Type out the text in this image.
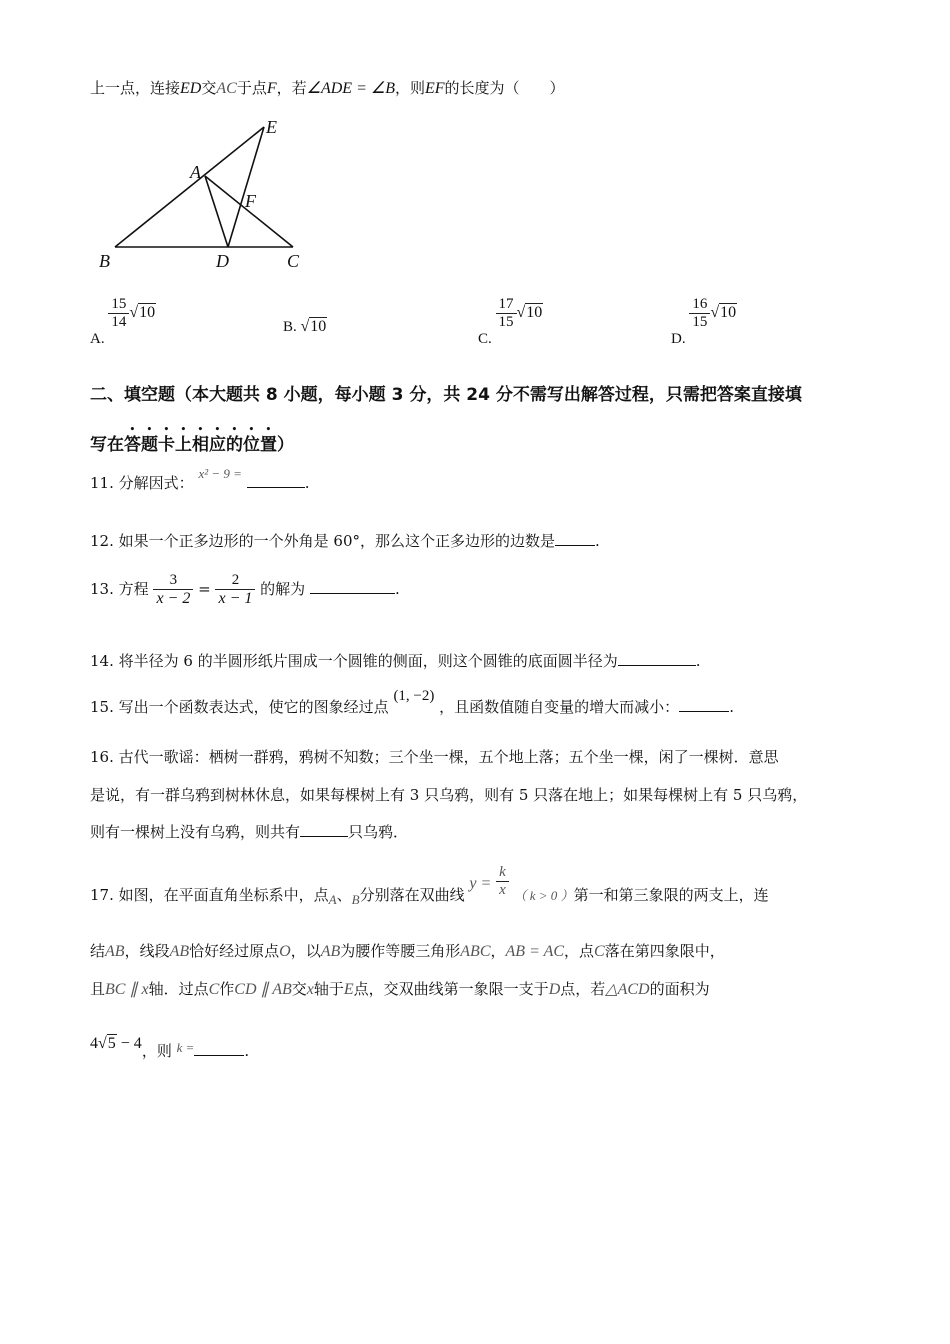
上一点，连接ED交AC于点F，若∠ADE = ∠B，则EF的长度为（　　）
E
A
F
B	D	C
A.
$\frac{15}{14} √10$
B. √10
C.
$\frac{17}{15} √10$
D.
$\frac{16}{15} √10$
二、填空题（本大题共 8 小题，每小题 3 分，共 24 分不需写出解答过程，只需把答案直接填
写在答题卡上相应的位置）
11. 分解因式： x² − 9 = .
12. 如果一个正多边形的一个外角是 60°，那么这个正多边形的边数是	.
13. 方程 $\frac{3}{x - 2} = \frac{2}{x - 1}$ 的解为	.
14. 将半径为 6 的半圆形纸片围成一个圆锥的侧面，则这个圆锥的底面圆半径为	.
15. 写出一个函数表达式，使它的图象经过点 (1, −2) ，且函数值随自变量的增大而减小：	.
16. 古代一歌谣：栖树一群鸦，鸦树不知数；三个坐一棵，五个地上落；五个坐一棵，闲了一棵树．意思
是说，有一群乌鸦到树林休息，如果每棵树上有 3 只乌鸦，则有 5 只落在地上；如果每棵树上有 5 只乌鸦，
则有一棵树上没有乌鸦，则共有	只乌鸦．
17. 如图，在平面直角坐标系中，点A、B分别落在双曲线 $y = \frac{k}{x}$ （ k > 0 ）第一和第三象限的两支上，连
结AB，线段AB恰好经过原点O，以AB为腰作等腰三角形ABC，AB = AC，点C落在第四象限中，
且BC ∥ x轴．过点C作CD ∥ AB交x轴于E点，交双曲线第一象限一支于D点，若△ACD的面积为
4√5 − 4，则 k =	.
